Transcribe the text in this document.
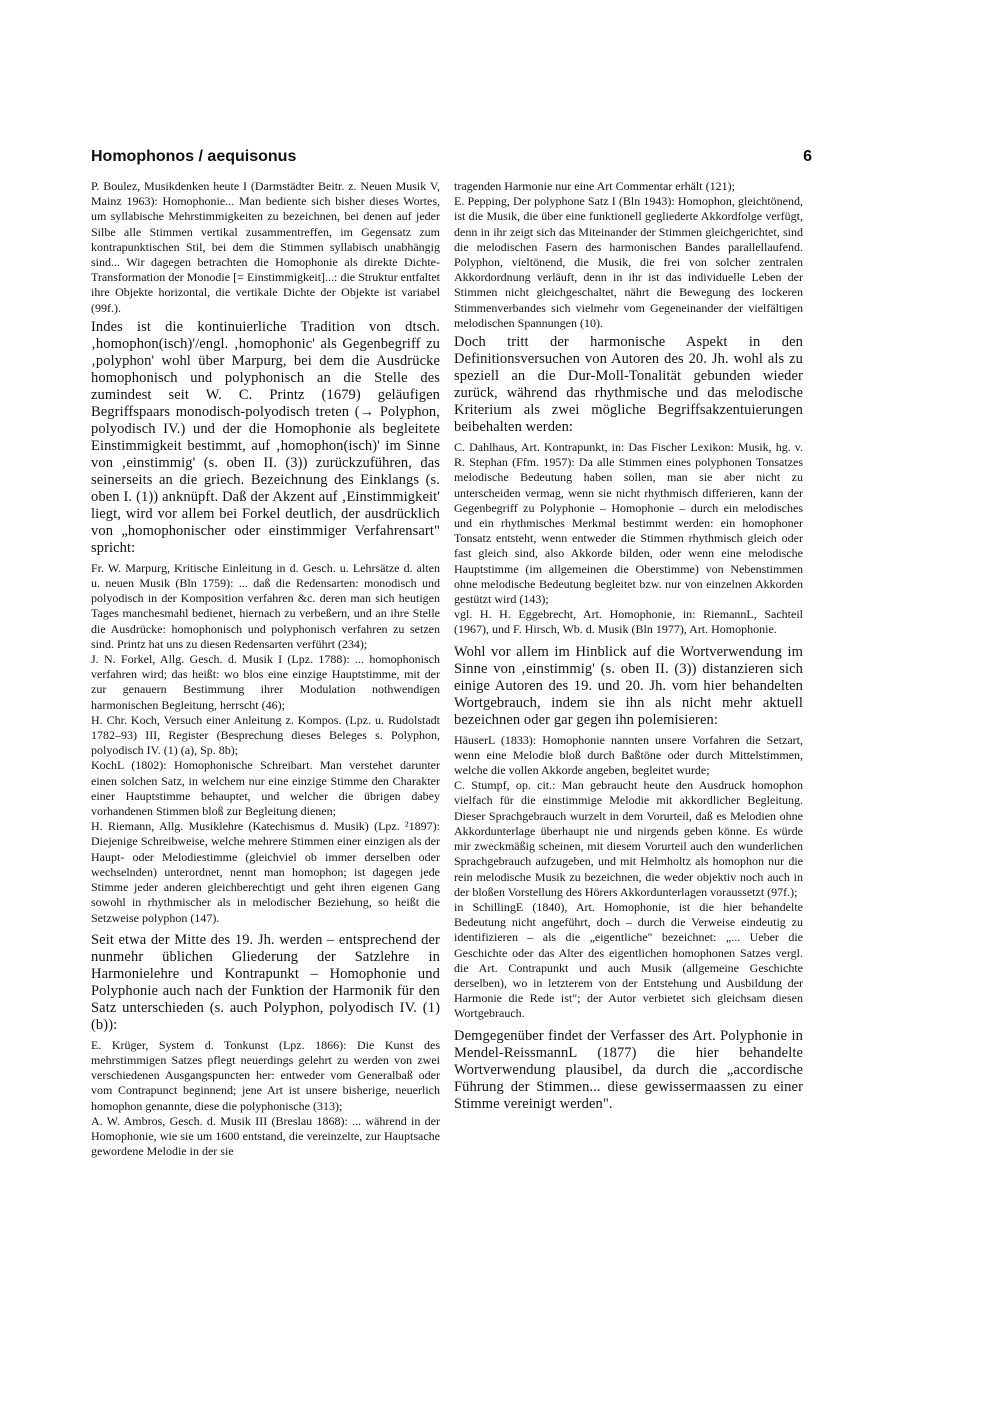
Homophonos / aequisonus	6

P. Boulez, Musikdenken heute I (Darmstädter Beitr. z. Neuen Musik V, Mainz 1963): Homophonie... Man bediente sich bisher dieses Wortes, um syllabische Mehrstimmigkeiten zu bezeichnen, bei denen auf jeder Silbe alle Stimmen vertikal zusammentreffen, im Gegensatz zum kontrapunktischen Stil, bei dem die Stimmen syllabisch unabhängig sind... Wir dagegen betrachten die Homophonie als direkte Dichte-Transformation der Monodie [= Einstimmigkeit]...: die Struktur entfaltet ihre Objekte horizontal, die vertikale Dichte der Objekte ist variabel (99f.).

Indes ist die kontinuierliche Tradition von dtsch. ‚homophon(isch)'/engl. ‚homophonic' als Gegenbegriff zu ‚polyphon' wohl über Marpurg, bei dem die Ausdrücke homophonisch und polyphonisch an die Stelle des zumindest seit W. C. Printz (1679) geläufigen Begriffspaars monodisch-polyodisch treten (→ Polyphon, polyodisch IV.) und der die Homophonie als begleitete Einstimmigkeit bestimmt, auf ‚homophon(isch)' im Sinne von ‚einstimmig' (s. oben II. (3)) zurückzuführen, das seinerseits an die griech. Bezeichnung des Einklangs (s. oben I. (1)) anknüpft. Daß der Akzent auf ‚Einstimmigkeit' liegt, wird vor allem bei Forkel deutlich, der ausdrücklich von „homophonischer oder einstimmiger Verfahrensart" spricht:

Fr. W. Marpurg, Kritische Einleitung in d. Gesch. u. Lehrsätze d. alten u. neuen Musik (Bln 1759): ... daß die Redensarten: monodisch und polyodisch in der Komposition verfahren &c. deren man sich heutigen Tages manchesmahl bedienet, hiernach zu verbeßern, und an ihre Stelle die Ausdrücke: homophonisch und polyphonisch verfahren zu setzen sind. Printz hat uns zu diesen Redensarten verführt (234);

J. N. Forkel, Allg. Gesch. d. Musik I (Lpz. 1788): ... homophonisch verfahren wird; das heißt: wo blos eine einzige Hauptstimme, mit der zur genauern Bestimmung ihrer Modulation nothwendigen harmonischen Begleitung, herrscht (46);

H. Chr. Koch, Versuch einer Anleitung z. Kompos. (Lpz. u. Rudolstadt 1782–93) III, Register (Besprechung dieses Beleges s. Polyphon, polyodisch IV. (1) (a), Sp. 8b);

KochL (1802): Homophonische Schreibart. Man verstehet darunter einen solchen Satz, in welchem nur eine einzige Stimme den Charakter einer Hauptstimme behauptet, und welcher die übrigen dabey vorhandenen Stimmen bloß zur Begleitung dienen;

H. Riemann, Allg. Musiklehre (Katechismus d. Musik) (Lpz. ²1897): Diejenige Schreibweise, welche mehrere Stimmen einer einzigen als der Haupt- oder Melodiestimme (gleichviel ob immer derselben oder wechselnden) unterordnet, nennt man homophon; ist dagegen jede Stimme jeder anderen gleichberechtigt und geht ihren eigenen Gang sowohl in rhythmischer als in melodischer Beziehung, so heißt die Setzweise polyphon (147).

Seit etwa der Mitte des 19. Jh. werden – entsprechend der nunmehr üblichen Gliederung der Satzlehre in Harmonielehre und Kontrapunkt – Homophonie und Polyphonie auch nach der Funktion der Harmonik für den Satz unterschieden (s. auch Polyphon, polyodisch IV. (1) (b)):

E. Krüger, System d. Tonkunst (Lpz. 1866): Die Kunst des mehrstimmigen Satzes pflegt neuerdings gelehrt zu werden von zwei verschiedenen Ausgangspuncten her: entweder vom Generalbaß oder vom Contrapunct beginnend; jene Art ist unsere bisherige, neuerlich homophon genannte, diese die polyphonische (313);

A. W. Ambros, Gesch. d. Musik III (Breslau 1868): ... während in der Homophonie, wie sie um 1600 entstand, die vereinzelte, zur Hauptsache gewordene Melodie in der sie

tragenden Harmonie nur eine Art Commentar erhält (121);

E. Pepping, Der polyphone Satz I (Bln 1943): Homophon, gleichtönend, ist die Musik, die über eine funktionell gegliederte Akkordfolge verfügt, denn in ihr zeigt sich das Miteinander der Stimmen gleichgerichtet, sind die melodischen Fasern des harmonischen Bandes parallellaufend. Polyphon, vieltönend, die Musik, die frei von solcher zentralen Akkordordnung verläuft, denn in ihr ist das individuelle Leben der Stimmen nicht gleichgeschaltet, nährt die Bewegung des lockeren Stimmenverbandes sich vielmehr vom Gegeneinander der vielfältigen melodischen Spannungen (10).

Doch tritt der harmonische Aspekt in den Definitionsversuchen von Autoren des 20. Jh. wohl als zu speziell an die Dur-Moll-Tonalität gebunden wieder zurück, während das rhythmische und das melodische Kriterium als zwei mögliche Begriffsakzentuierungen beibehalten werden:

C. Dahlhaus, Art. Kontrapunkt, in: Das Fischer Lexikon: Musik, hg. v. R. Stephan (Ffm. 1957): Da alle Stimmen eines polyphonen Tonsatzes melodische Bedeutung haben sollen, man sie aber nicht zu unterscheiden vermag, wenn sie nicht rhythmisch differieren, kann der Gegenbegriff zu Polyphonie – Homophonie – durch ein melodisches und ein rhythmisches Merkmal bestimmt werden: ein homophoner Tonsatz entsteht, wenn entweder die Stimmen rhythmisch gleich oder fast gleich sind, also Akkorde bilden, oder wenn eine melodische Hauptstimme (im allgemeinen die Oberstimme) von Nebenstimmen ohne melodische Bedeutung begleitet bzw. nur von einzelnen Akkorden gestützt wird (143);

vgl. H. H. Eggebrecht, Art. Homophonie, in: RiemannL, Sachteil (1967), und F. Hirsch, Wb. d. Musik (Bln 1977), Art. Homophonie.

Wohl vor allem im Hinblick auf die Wortverwendung im Sinne von ‚einstimmig' (s. oben II. (3)) distanzieren sich einige Autoren des 19. und 20. Jh. vom hier behandelten Wortgebrauch, indem sie ihn als nicht mehr aktuell bezeichnen oder gar gegen ihn polemisieren:

HäuserL (1833): Homophonie nannten unsere Vorfahren die Setzart, wenn eine Melodie bloß durch Baßtöne oder durch Mittelstimmen, welche die vollen Akkorde angeben, begleitet wurde;

C. Stumpf, op. cit.: Man gebraucht heute den Ausdruck homophon vielfach für die einstimmige Melodie mit akkordlicher Begleitung. Dieser Sprachgebrauch wurzelt in dem Vorurteil, daß es Melodien ohne Akkordunterlage überhaupt nie und nirgends geben könne. Es würde mir zweckmäßig scheinen, mit diesem Vorurteil auch den wunderlichen Sprachgebrauch aufzugeben, und mit Helmholtz als homophon nur die rein melodische Musik zu bezeichnen, die weder objektiv noch auch in der bloßen Vorstellung des Hörers Akkordunterlagen voraussetzt (97f.);

in SchillingE (1840), Art. Homophonie, ist die hier behandelte Bedeutung nicht angeführt, doch – durch die Verweise eindeutig zu identifizieren – als die „eigentliche" bezeichnet: „... Ueber die Geschichte oder das Alter des eigentlichen homophonen Satzes vergl. die Art. Contrapunkt und auch Musik (allgemeine Geschichte derselben), wo in letzterem von der Entstehung und Ausbildung der Harmonie die Rede ist"; der Autor verbietet sich gleichsam diesen Wortgebrauch.

Demgegenüber findet der Verfasser des Art. Polyphonie in Mendel-ReissmannL (1877) die hier behandelte Wortverwendung plausibel, da durch die „accordische Führung der Stimmen... diese gewissermaassen zu einer Stimme vereinigt werden".
